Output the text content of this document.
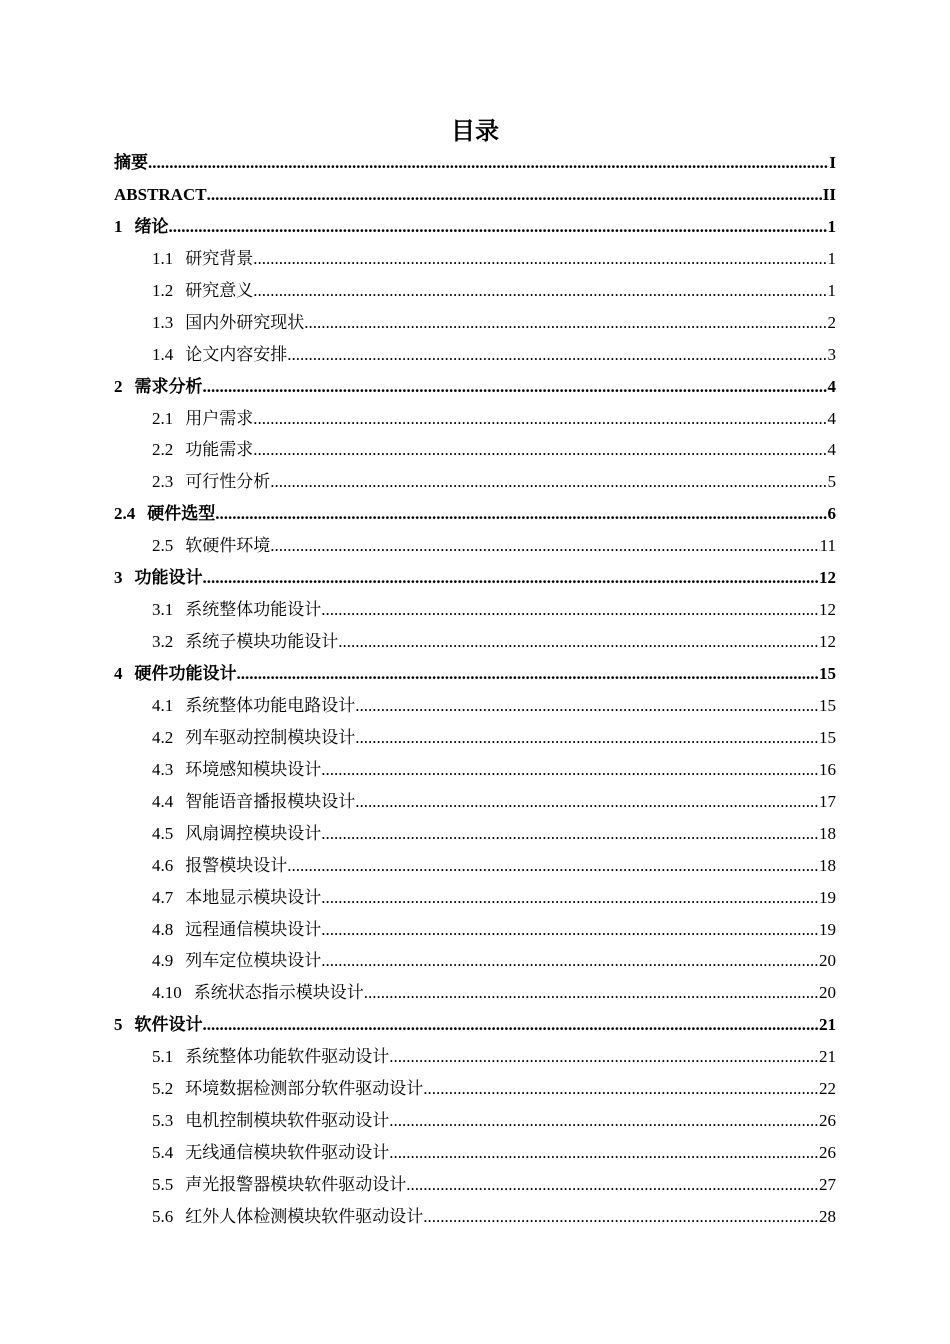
目录
摘要 .....	I
ABSTRACT .....	II
1 绪论 .....	1
1.1 研究背景 .....	1
1.2 研究意义 .....	1
1.3 国内外研究现状 .....	2
1.4 论文内容安排 .....	3
2 需求分析 .....	4
2.1 用户需求 .....	4
2.2 功能需求 .....	4
2.3 可行性分析 .....	5
2.4 硬件选型 .....	6
2.5 软硬件环境 .....	11
3 功能设计 .....	12
3.1 系统整体功能设计 .....	12
3.2 系统子模块功能设计 .....	12
4 硬件功能设计 .....	15
4.1 系统整体功能电路设计 .....	15
4.2 列车驱动控制模块设计 .....	15
4.3 环境感知模块设计 .....	16
4.4 智能语音播报模块设计 .....	17
4.5 风扇调控模块设计 .....	18
4.6 报警模块设计 .....	18
4.7 本地显示模块设计 .....	19
4.8 远程通信模块设计 .....	19
4.9 列车定位模块设计 .....	20
4.10 系统状态指示模块设计 .....	20
5 软件设计 .....	21
5.1 系统整体功能软件驱动设计 .....	21
5.2 环境数据检测部分软件驱动设计 .....	22
5.3 电机控制模块软件驱动设计 .....	26
5.4 无线通信模块软件驱动设计 .....	26
5.5 声光报警器模块软件驱动设计 .....	27
5.6 红外人体检测模块软件驱动设计 .....	28
